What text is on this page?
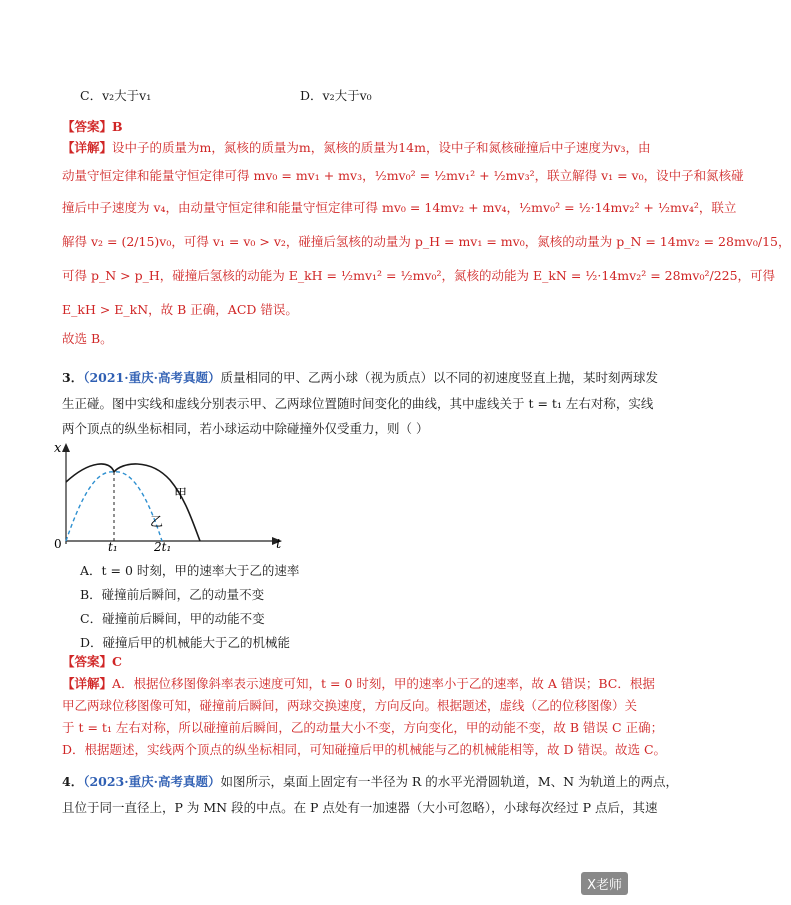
C．v₂大于v₁	D．v₂大于v₀
【答案】B
【详解】设中子的质量为m，氮核的质量为m，氮核的质量为14m，设中子和氮核碰撞后中子速度为v₃，由
动量守恒定律和能量守恒定律可得 mv₀ = mv₁ + mv₃，½mv₀² = ½mv₁² + ½mv₃²，联立解得 v₁ = v₀，设中子和氮核碰
撞后中子速度为 v₄，由动量守恒定律和能量守恒定律可得 mv₀ = 14mv₂ + mv₄，½mv₀² = ½·14mv₂² + ½mv₄²，联立
解得 v₂ = (2/15)v₀，可得 v₁ = v₀ > v₂，碰撞后氢核的动量为 p_H = mv₁ = mv₀，氮核的动量为 p_N = 14mv₂ = 28mv₀/15，
可得 p_N > p_H，碰撞后氢核的动能为 E_kH = ½mv₁² = ½mv₀²，氮核的动能为 E_kN = ½·14mv₂² = 28mv₀²/225，可得
E_kH > E_kN，故 B 正确，ACD 错误。
故选 B。
3．（2021·重庆·高考真题）质量相同的甲、乙两小球（视为质点）以不同的初速度竖直上抛，某时刻两球发
生正碰。图中实线和虚线分别表示甲、乙两球位置随时间变化的曲线，其中虚线关于 t = t₁ 左右对称，实线
两个顶点的纵坐标相同，若小球运动中除碰撞外仅受重力，则（ ）
x
t
0	t₁	2t₁
甲
乙
A．t = 0 时刻，甲的速率大于乙的速率
B．碰撞前后瞬间，乙的动量不变
C．碰撞前后瞬间，甲的动能不变
D．碰撞后甲的机械能大于乙的机械能
【答案】C
【详解】A．根据位移图像斜率表示速度可知，t = 0 时刻，甲的速率小于乙的速率，故 A 错误；BC．根据
甲乙两球位移图像可知，碰撞前后瞬间，两球交换速度，方向反向。根据题述，虚线（乙的位移图像）关
于 t = t₁ 左右对称，所以碰撞前后瞬间，乙的动量大小不变，方向变化，甲的动能不变，故 B 错误 C 正确；
D．根据题述，实线两个顶点的纵坐标相同，可知碰撞后甲的机械能与乙的机械能相等，故 D 错误。故选 C。
4．（2023·重庆·高考真题）如图所示，桌面上固定有一半径为 R 的水平光滑圆轨道，M、N 为轨道上的两点，
且位于同一直径上，P 为 MN 段的中点。在 P 点处有一加速器（大小可忽略），小球每次经过 P 点后，其速
X老师
